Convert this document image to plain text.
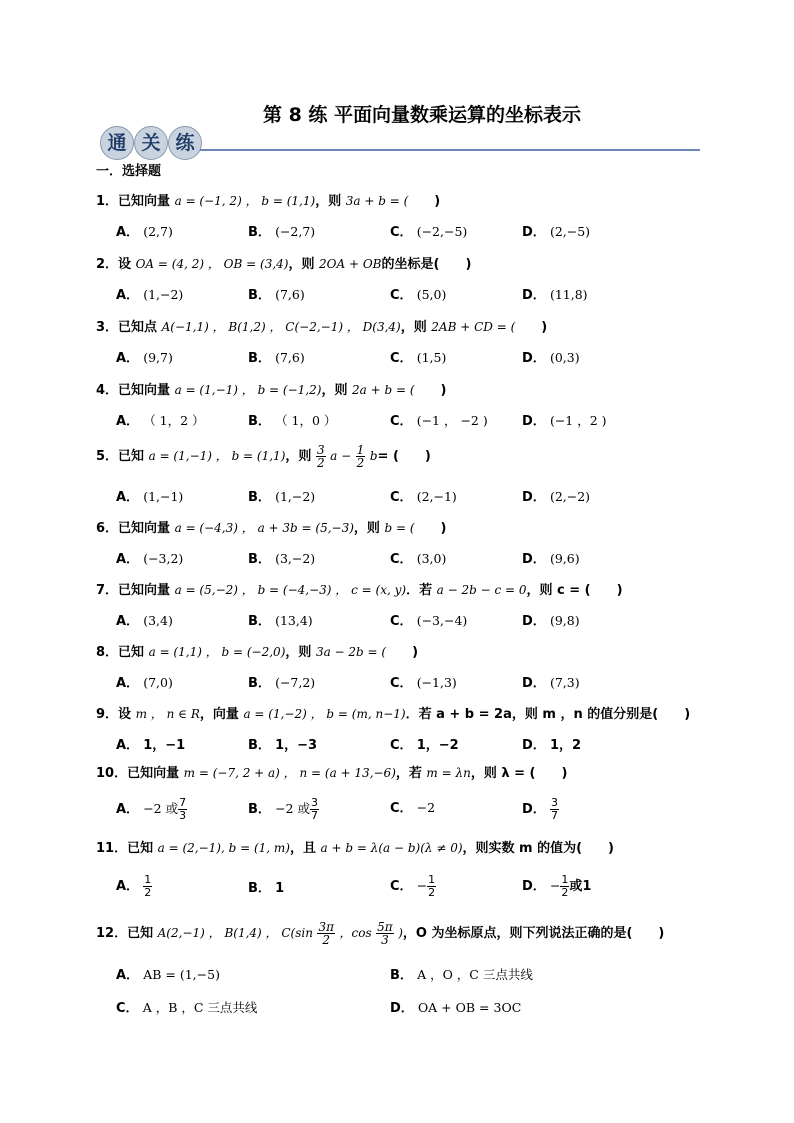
第 8 练 平面向量数乘运算的坐标表示
通 关 练
一．选择题
1．已知向量 a = (−1, 2) ， b = (1,1)，则 3a + b = (　　)
A． (2,7)	B． (−2,7)	C． (−2,−5)	D． (2,−5)
2．设 OA = (4, 2) ， OB = (3,4)，则 2OA + OB的坐标是(　　)
A． (1,−2)	B． (7,6)	C． (5,0)	D． (11,8)
3．已知点 A(−1,1) ， B(1,2) ， C(−2,−1) ， D(3,4)，则 2AB + CD = (　　)
A． (9,7)	B． (7,6)	C． (1,5)	D． (0,3)
4．已知向量 a = (1,−1) ， b = (−1,2)，则 2a + b = (　　)
A． （ 1，2 ）	B． （ 1，0 ）	C． (−1 ， −2 )	D． (−1 ，2 )
5．已知 a = (1,−1) ， b = (1,1)，则 $\frac{3}{2}$ $a - \frac{1}{2} b=$ (　　)
A． (1,−1)	B． (1,−2)	C． (2,−1)	D． (2,−2)
6．已知向量 a = (−4,3) ， a + 3b = (5,−3)，则 b = (　　)
A． (−3,2)	B． (3,−2)	C． (3,0)	D． (9,6)
7．已知向量 a = (5,−2) ， b = (−4,−3) ， c = (x, y)．若 a − 2b − c = 0，则 c = (　　)
A． (3,4)	B． (13,4)	C． (−3,−4)	D． (9,8)
8．已知 a = (1,1) ， b = (−2,0)，则 3a − 2b = (　　)
A． (7,0)	B． (−7,2)	C． (−1,3)	D． (7,3)
9．设 m ， n ∈ R，向量 a = (1,−2) ， b = (m, n−1)．若 a + b = 2a，则 m ，n 的值分别是(　　)
A． 1，−1	B． 1，−3	C． 1，−2	D． 1，2
10．已知向量 m = (−7, 2 + a) ， n = (a + 13,−6)，若 m = λn，则 λ = (　　)
A． −2 或 $\frac{7}{3}$	B． −2 或 $\frac{3}{7}$	C． −2	D． $\frac{3}{7}$
11．已知 a = (2,−1), b = (1, m)，且 a + b = λ(a − b)(λ ≠ 0)，则实数 m 的值为(　　)
A． $\frac{1}{2}$	B． 1	C． − $\frac{1}{2}$	D． − $\frac{1}{2}$ 或1
12．已知 A(2,−1) ， B(1,4) ， $C(\sin \frac{3\pi}{2}$ ，$\cos \frac{5\pi}{3}$ )，O 为坐标原点，则下列说法正确的是(　　)
A． AB = (1,−5)	B． A ，O ，C 三点共线
C． A ，B ，C 三点共线	D． OA + OB = 3OC
